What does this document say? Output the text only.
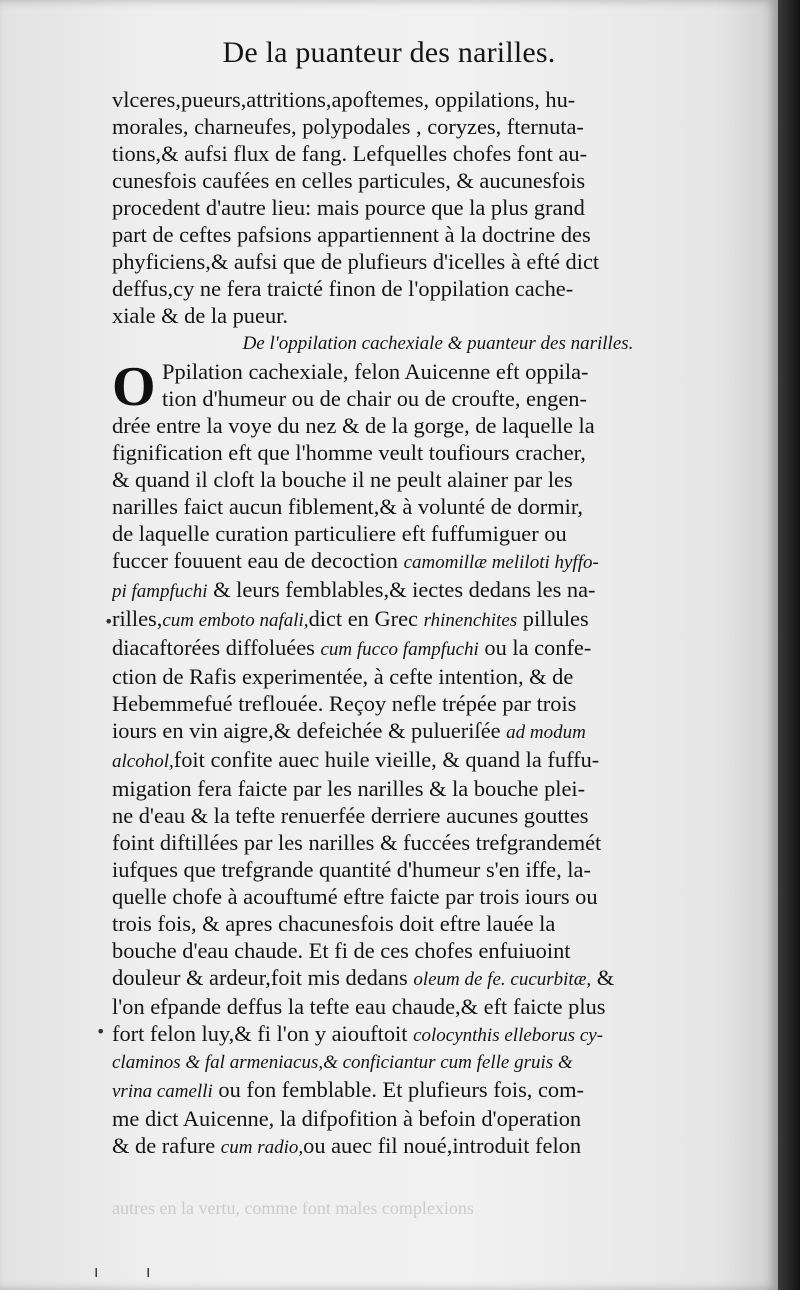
De la puanteur des narilles.
vlceres,pueurs,attritions,apoftemes, oppilations, hu-
morales, charneufes, polypodales , coryzes, fternuta-
tions,& aufsi flux de fang. Lefquelles chofes font au-
cunesfois caufées en celles particules, & aucunesfois
procedent d'autre lieu: mais pource que la plus grand
part de ceftes pafsions appartiennent à la doctrine des
phyficiens,& aufsi que de plufieurs d'icelles à efté dict
deffus,cy ne fera traicté finon de l'oppilation cache-
xiale & de la pueur.
De l'oppilation cachexiale & puanteur des narilles.
O Ppilation cachexiale, felon Auicenne eft oppila-
tion d'humeur ou de chair ou de croufte, engen-
drée entre la voye du nez & de la gorge, de laquelle la
fignification eft que l'homme veult toufiours cracher,
& quand il cloft la bouche il ne peult alainer par les
narilles faict aucun fiblement,& à volunté de dormir,
de laquelle curation particuliere eft fuffumiguer ou
fuccer fouuent eau de decoction camomillæ meliloti hyffo-
pi fampfuchi & leurs femblables,& iectes dedans les na-
rilles,cum emboto nafali,dict en Grec rhinenchites pillules
diacaftorées diffoluées cum fucco fampfuchi ou la confe-
ction de Rafis experimentée, à cefte intention, & de
Hebemmefué treflouée. Reçoy nefle trépée par trois
iours en vin aigre,& defeichée & pulueriſée ad modum
alcohol,foit confite auec huile vieille, & quand la fuffu-
migation fera faicte par les narilles & la bouche plei-
ne d'eau & la tefte renuerfée derriere aucunes gouttes
foint diftillées par les narilles & fuccées trefgrandemét
iufques que trefgrande quantité d'humeur s'en iffe, la-
quelle chofe à acouftumé eftre faicte par trois iours ou
trois fois, & apres chacunesfois doit eftre lauée la
bouche d'eau chaude. Et fi de ces chofes enfuiuoint
douleur & ardeur,foit mis dedans oleum de fe. cucurbitæ, &
l'on efpande deffus la tefte eau chaude,& eft faicte plus
fort felon luy,& fi l'on y aiouftoit colocynthis elleborus cy-
claminos & fal armeniacus,& conficiantur cum felle gruis &
vrina camelli ou fon femblable. Et plufieurs fois, com-
me dict Auicenne, la difpofition à befoin d'operation
& de rafure cum radio,ou auec fil noué,introduit felon
autres en la vertu, comme font males complexions
•
•
ı	ı
